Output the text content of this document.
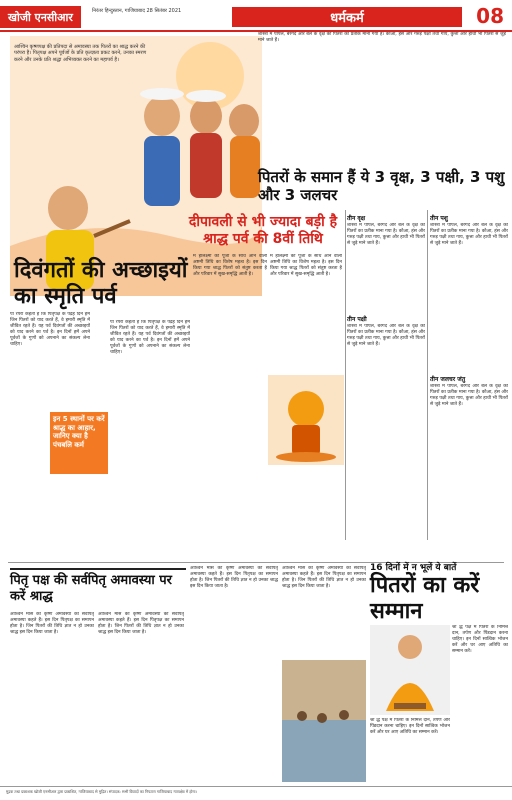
खोजी एनसीआर	निरंतर हिन्दुस्तान, गाजियाबाद 28 सितंबर 2021	धर्मकर्म	08
आश्विन कृष्णपक्ष की प्रतिपदा से अमावस्या तक पितरों का श्राद्ध करने की परंपरा है। पितृपक्ष अपने पूर्वजों के प्रति कृतज्ञता प्रकट करने, उनका स्मरण करने और उनके प्रति श्रद्धा अभिव्यक्त करने का महापर्व है।
दीपावली से भी ज्यादा बड़ी है श्राद्ध पर्व की 8वीं तिथि
दिवंगतों की अच्छाइयों का स्मृति पर्व
शास्त्रों में पीपल, बरगद और बेल के वृक्ष को पितरों का प्रतीक माना गया है। कौआ, हंस और गरुड़ पक्षी तथा गाय, कुत्ता और हाथी भी पितरों से जुड़े माने जाते हैं।
पितरों के समान हैं ये 3 वृक्ष, 3 पक्षी, 3 पशु और 3 जलचर
तीन वृक्ष
शास्त्रों में पीपल, बरगद और बेल के वृक्ष को पितरों का प्रतीक माना गया है। कौआ, हंस और गरुड़ पक्षी तथा गाय, कुत्ता और हाथी भी पितरों से जुड़े माने जाते हैं।
तीन पक्षी
शास्त्रों में पीपल, बरगद और बेल के वृक्ष को पितरों का प्रतीक माना गया है। कौआ, हंस और गरुड़ पक्षी तथा गाय, कुत्ता और हाथी भी पितरों से जुड़े माने जाते हैं।
तीन पशु
शास्त्रों में पीपल, बरगद और बेल के वृक्ष को पितरों का प्रतीक माना गया है। कौआ, हंस और गरुड़ पक्षी तथा गाय, कुत्ता और हाथी भी पितरों से जुड़े माने जाते हैं।
तीन जलचर जंतु
शास्त्रों में पीपल, बरगद और बेल के वृक्ष को पितरों का प्रतीक माना गया है। कौआ, हंस और गरुड़ पक्षी तथा गाय, कुत्ता और हाथी भी पितरों से जुड़े माने जाते हैं।
पा रंपरा कहती है कि पितृपक्ष के पंद्रह दिन हम जिन पितरों को याद करते हैं, वे हमारी स्मृति में जीवित रहते हैं। यह पर्व दिवंगतों की अच्छाइयों को याद करने का पर्व है। इन दिनों हमें अपने पूर्वजों के गुणों को अपनाने का संकल्प लेना चाहिए।
इन 5 स्थानों पर करें श्राद्ध का आहार, जानिए क्या है पंचबलि कर्म
पा रंपरा कहती है कि पितृपक्ष के पंद्रह दिन हम जिन पितरों को याद करते हैं, वे हमारी स्मृति में जीवित रहते हैं। यह पर्व दिवंगतों की अच्छाइयों को याद करने का पर्व है। इन दिनों हमें अपने पूर्वजों के गुणों को अपनाने का संकल्प लेना चाहिए।
म हालक्ष्मी की पूजा के साथ आने वाली अष्टमी तिथि का विशेष महत्व है। इस दिन किया गया श्राद्ध पितरों को संतुष्ट करता है और परिवार में सुख-समृद्धि आती है।
म हालक्ष्मी की पूजा के साथ आने वाली अष्टमी तिथि का विशेष महत्व है। इस दिन किया गया श्राद्ध पितरों को संतुष्ट करता है और परिवार में सुख-समृद्धि आती है।
पितृ पक्ष की सर्वपितृ अमावस्या पर करें श्राद्ध
आश्विन मास की कृष्ण अमावस्या को सर्वपितृ अमावस्या कहते हैं। इस दिन पितृपक्ष का समापन होता है। जिन पितरों की तिथि ज्ञात न हो उनका श्राद्ध इस दिन किया जाता है।
आश्विन मास की कृष्ण अमावस्या को सर्वपितृ अमावस्या कहते हैं। इस दिन पितृपक्ष का समापन होता है। जिन पितरों की तिथि ज्ञात न हो उनका श्राद्ध इस दिन किया जाता है।
आश्विन मास की कृष्ण अमावस्या को सर्वपितृ अमावस्या कहते हैं। इस दिन पितृपक्ष का समापन होता है। जिन पितरों की तिथि ज्ञात न हो उनका श्राद्ध इस दिन किया जाता है।
आश्विन मास की कृष्ण अमावस्या को सर्वपितृ अमावस्या कहते हैं। इस दिन पितृपक्ष का समापन होता है। जिन पितरों की तिथि ज्ञात न हो उनका श्राद्ध इस दिन किया जाता है।
16 दिनों में न भूलें ये बातें
पितरों का करें सम्मान
श्रा द्ध पक्ष में पितरों के निमित्त दान, तर्पण और पिंडदान करना चाहिए। इन दिनों सात्विक भोजन करें और घर आए अतिथि का सम्मान करें।
श्रा द्ध पक्ष में पितरों के निमित्त दान, तर्पण और पिंडदान करना चाहिए। इन दिनों सात्विक भोजन करें और घर आए अतिथि का सम्मान करें।
मुद्रक तथा प्रकाशक खोजी एनसीआर द्वारा प्रकाशित, गाजियाबाद से मुद्रित। संपादक: सभी विवादों का निपटारा गाजियाबाद न्यायक्षेत्र में होगा।
